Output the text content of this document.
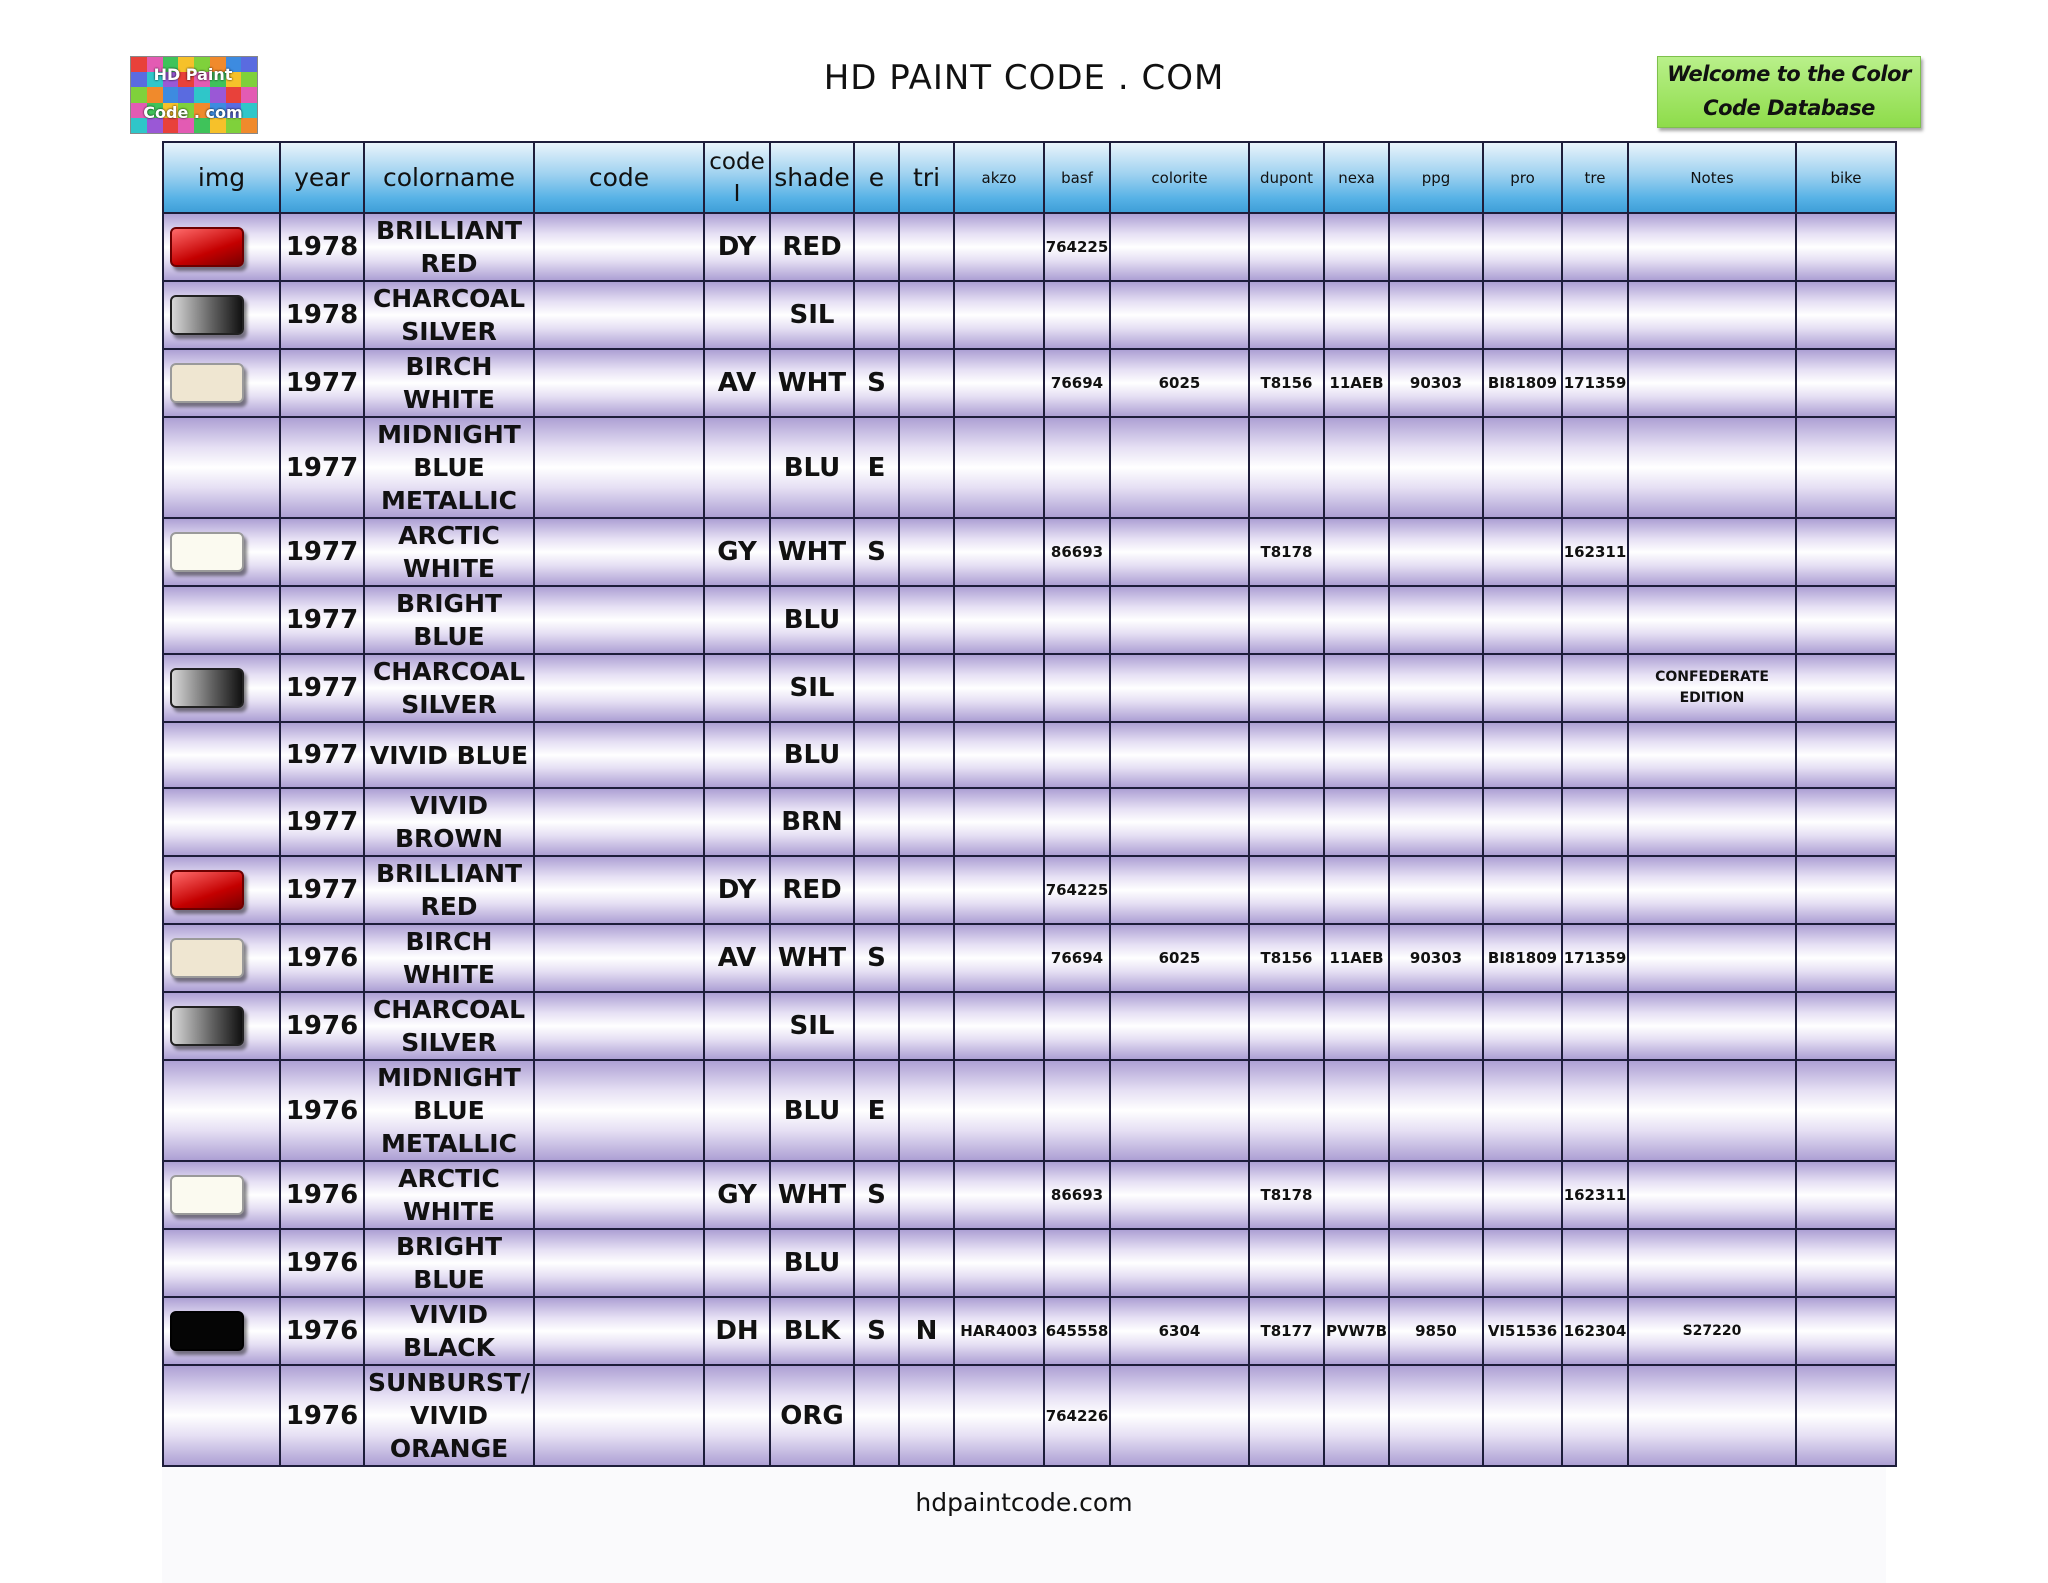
HD Paint
Code . com
HD PAINT CODE . COM	Welcome to the Color
Code Database
img	year	colorname	code	code I	shade	e	tri	akzo	basf	colorite	dupont	nexa	ppg	pro	tre	Notes	bike

	1978	BRILLIANT RED		DY	RED				764225								

	1978	CHARCOAL SILVER			SIL												

	1977	BIRCH WHITE		AV	WHT	S			76694	6025	T8156	11AEB	90303	BI81809	171359		
	1977	MIDNIGHT BLUE METALLIC			BLU	E											

	1977	ARCTIC WHITE		GY	WHT	S			86693		T8178				162311		
	1977	BRIGHT BLUE			BLU												

	1977	CHARCOAL SILVER			SIL											CONFEDERATE EDITION	
	1977	VIVID BLUE			BLU												
	1977	VIVID BROWN			BRN												

	1977	BRILLIANT RED		DY	RED				764225								

	1976	BIRCH WHITE		AV	WHT	S			76694	6025	T8156	11AEB	90303	BI81809	171359		

	1976	CHARCOAL SILVER			SIL												
	1976	MIDNIGHT BLUE METALLIC			BLU	E											

	1976	ARCTIC WHITE		GY	WHT	S			86693		T8178				162311		
	1976	BRIGHT BLUE			BLU												

	1976	VIVID BLACK		DH	BLK	S	N	HAR4003	645558	6304	T8177	PVW7B	9850	VI51536	162304	S27220	
	1976	SUNBURST/ VIVID ORANGE			ORG				764226								
hdpaintcode.com
